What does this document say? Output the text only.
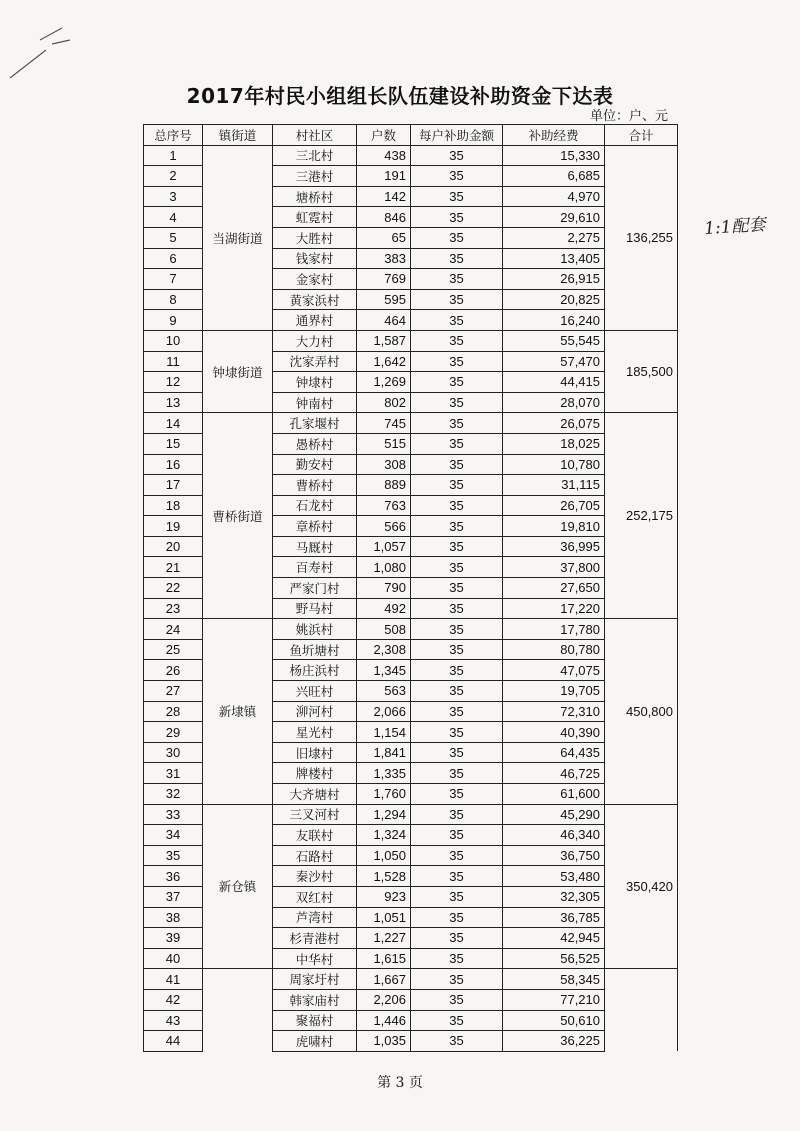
2017年村民小组组长队伍建设补助资金下达表
单位：户、元
总序号	镇街道	村社区	户数	每户补助金额	补助经费	合计
1	当湖街道	三北村	438	35	15,330	136,255
2		三港村	191	35	6,685	
3		塘桥村	142	35	4,970	
4		虹霓村	846	35	29,610	
5		大胜村	65	35	2,275	
6		钱家村	383	35	13,405	
7		金家村	769	35	26,915	
8		黄家浜村	595	35	20,825	
9		通界村	464	35	16,240	
10	钟埭街道	大力村	1,587	35	55,545	185,500
11		沈家弄村	1,642	35	57,470	
12		钟埭村	1,269	35	44,415	
13		钟南村	802	35	28,070	
14	曹桥街道	孔家堰村	745	35	26,075	252,175
15		愚桥村	515	35	18,025	
16		勤安村	308	35	10,780	
17		曹桥村	889	35	31,115	
18		石龙村	763	35	26,705	
19		章桥村	566	35	19,810	
20		马厩村	1,057	35	36,995	
21		百寿村	1,080	35	37,800	
22		严家门村	790	35	27,650	
23		野马村	492	35	17,220	
24	新埭镇	姚浜村	508	35	17,780	450,800
25		鱼圻塘村	2,308	35	80,780	
26		杨庄浜村	1,345	35	47,075	
27		兴旺村	563	35	19,705	
28		泖河村	2,066	35	72,310	
29		星光村	1,154	35	40,390	
30		旧埭村	1,841	35	64,435	
31		牌楼村	1,335	35	46,725	
32		大齐塘村	1,760	35	61,600	
33	新仓镇	三叉河村	1,294	35	45,290	350,420
34		友联村	1,324	35	46,340	
35		石路村	1,050	35	36,750	
36		秦沙村	1,528	35	53,480	
37		双红村	923	35	32,305	
38		芦湾村	1,051	35	36,785	
39		杉青港村	1,227	35	42,945	
40		中华村	1,615	35	56,525	
41		周家圩村	1,667	35	58,345	
42		韩家庙村	2,206	35	77,210	
43		聚福村	1,446	35	50,610	
44		虎啸村	1,035	35	36,225	
1:1配套
第 3 页
